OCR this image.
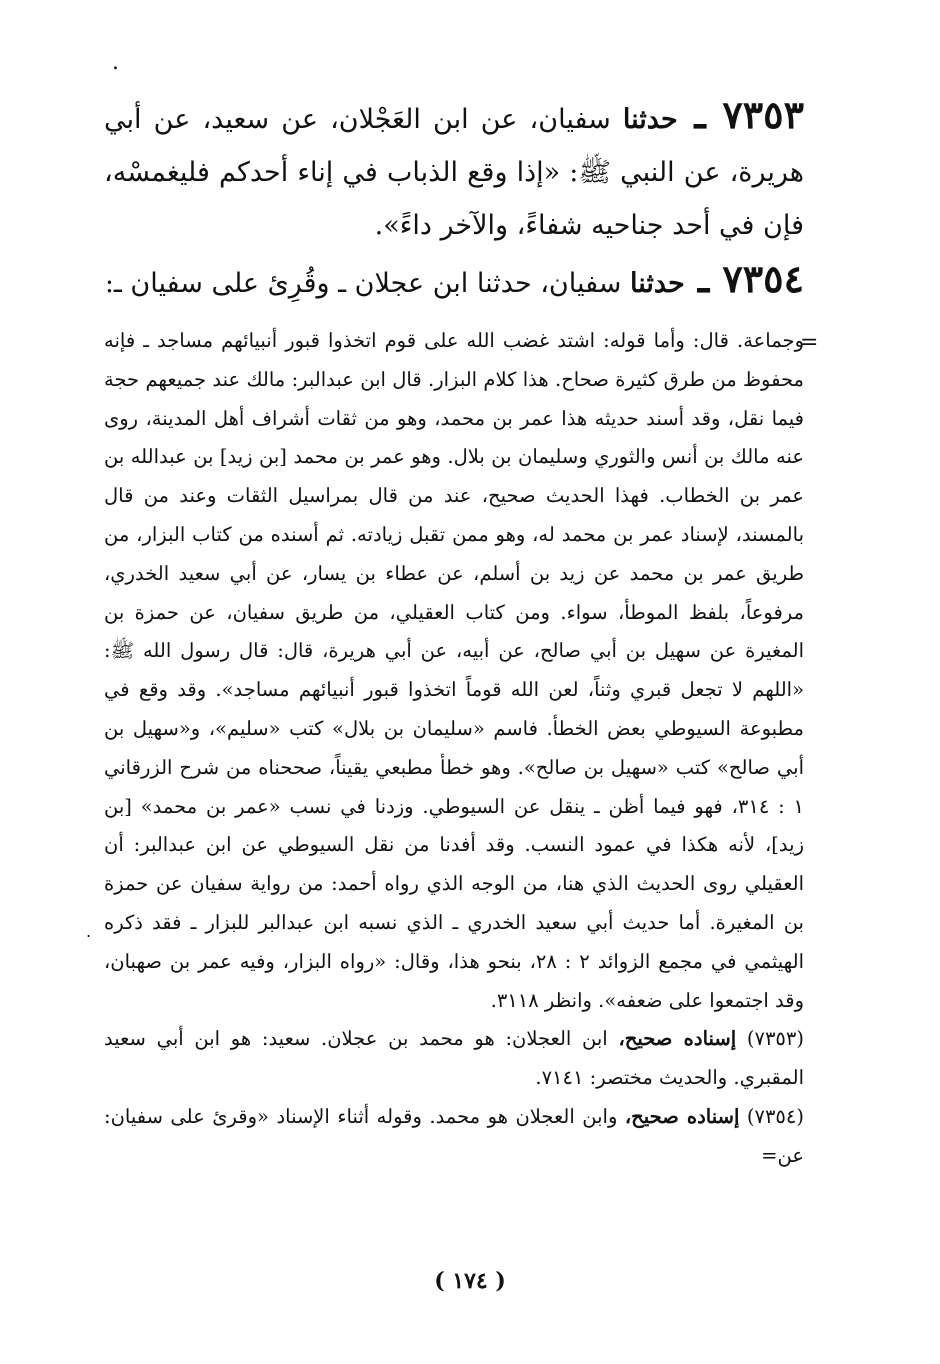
.
=
.

٧٣٥٣ ـ حدثنا سفيان، عن ابن العَجْلان، عن سعيد، عن أبي هريرة، عن النبي ﷺ: «إذا وقع الذباب في إناء أحدكم فليغمسْه، فإن في أحد جناحيه شفاءً، والآخر داءً».

٧٣٥٤ ـ حدثنا سفيان، حدثنا ابن عجلان ـ وقُرِئ على سفيان ـ:

وجماعة. قال: وأما قوله: اشتد غضب الله على قوم اتخذوا قبور أنبيائهم مساجد ـ فإنه محفوظ من طرق كثيرة صحاح. هذا كلام البزار. قال ابن عبدالبر: مالك عند جميعهم حجة فيما نقل، وقد أسند حديثه هذا عمر بن محمد، وهو من ثقات أشراف أهل المدينة، روى عنه مالك بن أنس والثوري وسليمان بن بلال. وهو عمر بن محمد [بن زيد] بن عبدالله بن عمر بن الخطاب. فهذا الحديث صحيح، عند من قال بمراسيل الثقات وعند من قال بالمسند، لإسناد عمر بن محمد له، وهو ممن تقبل زيادته. ثم أسنده من كتاب البزار، من طريق عمر بن محمد عن زيد بن أسلم، عن عطاء بن يسار، عن أبي سعيد الخدري، مرفوعاً، بلفظ الموطأ، سواء. ومن كتاب العقيلي، من طريق سفيان، عن حمزة بن المغيرة عن سهيل بن أبي صالح، عن أبيه، عن أبي هريرة، قال: قال رسول الله ﷺ: «اللهم لا تجعل قبري وثناً، لعن الله قوماً اتخذوا قبور أنبيائهم مساجد». وقد وقع في مطبوعة السيوطي بعض الخطأ. فاسم «سليمان بن بلال» كتب «سليم»، و«سهيل بن أبي صالح» كتب «سهيل بن صالح». وهو خطأ مطبعي يقيناً، صححناه من شرح الزرقاني ١ : ٣١٤، فهو فيما أظن ـ ينقل عن السيوطي. وزدنا في نسب «عمر بن محمد» [بن زيد]، لأنه هكذا في عمود النسب. وقد أفدنا من نقل السيوطي عن ابن عبدالبر: أن العقيلي روى الحديث الذي هنا، من الوجه الذي رواه أحمد: من رواية سفيان عن حمزة بن المغيرة. أما حديث أبي سعيد الخدري ـ الذي نسبه ابن عبدالبر للبزار ـ فقد ذكره الهيثمي في مجمع الزوائد ٢ : ٢٨، بنحو هذا، وقال: «رواه البزار، وفيه عمر بن صهبان، وقد اجتمعوا على ضعفه». وانظر ٣١١٨.

(٧٣٥٣) إسناده صحيح، ابن العجلان: هو محمد بن عجلان. سعيد: هو ابن أبي سعيد المقبري. والحديث مختصر: ٧١٤١.

(٧٣٥٤) إسناده صحيح، وابن العجلان هو محمد. وقوله أثناء الإسناد «وقرئ على سفيان: عن=

( ١٧٤ )
